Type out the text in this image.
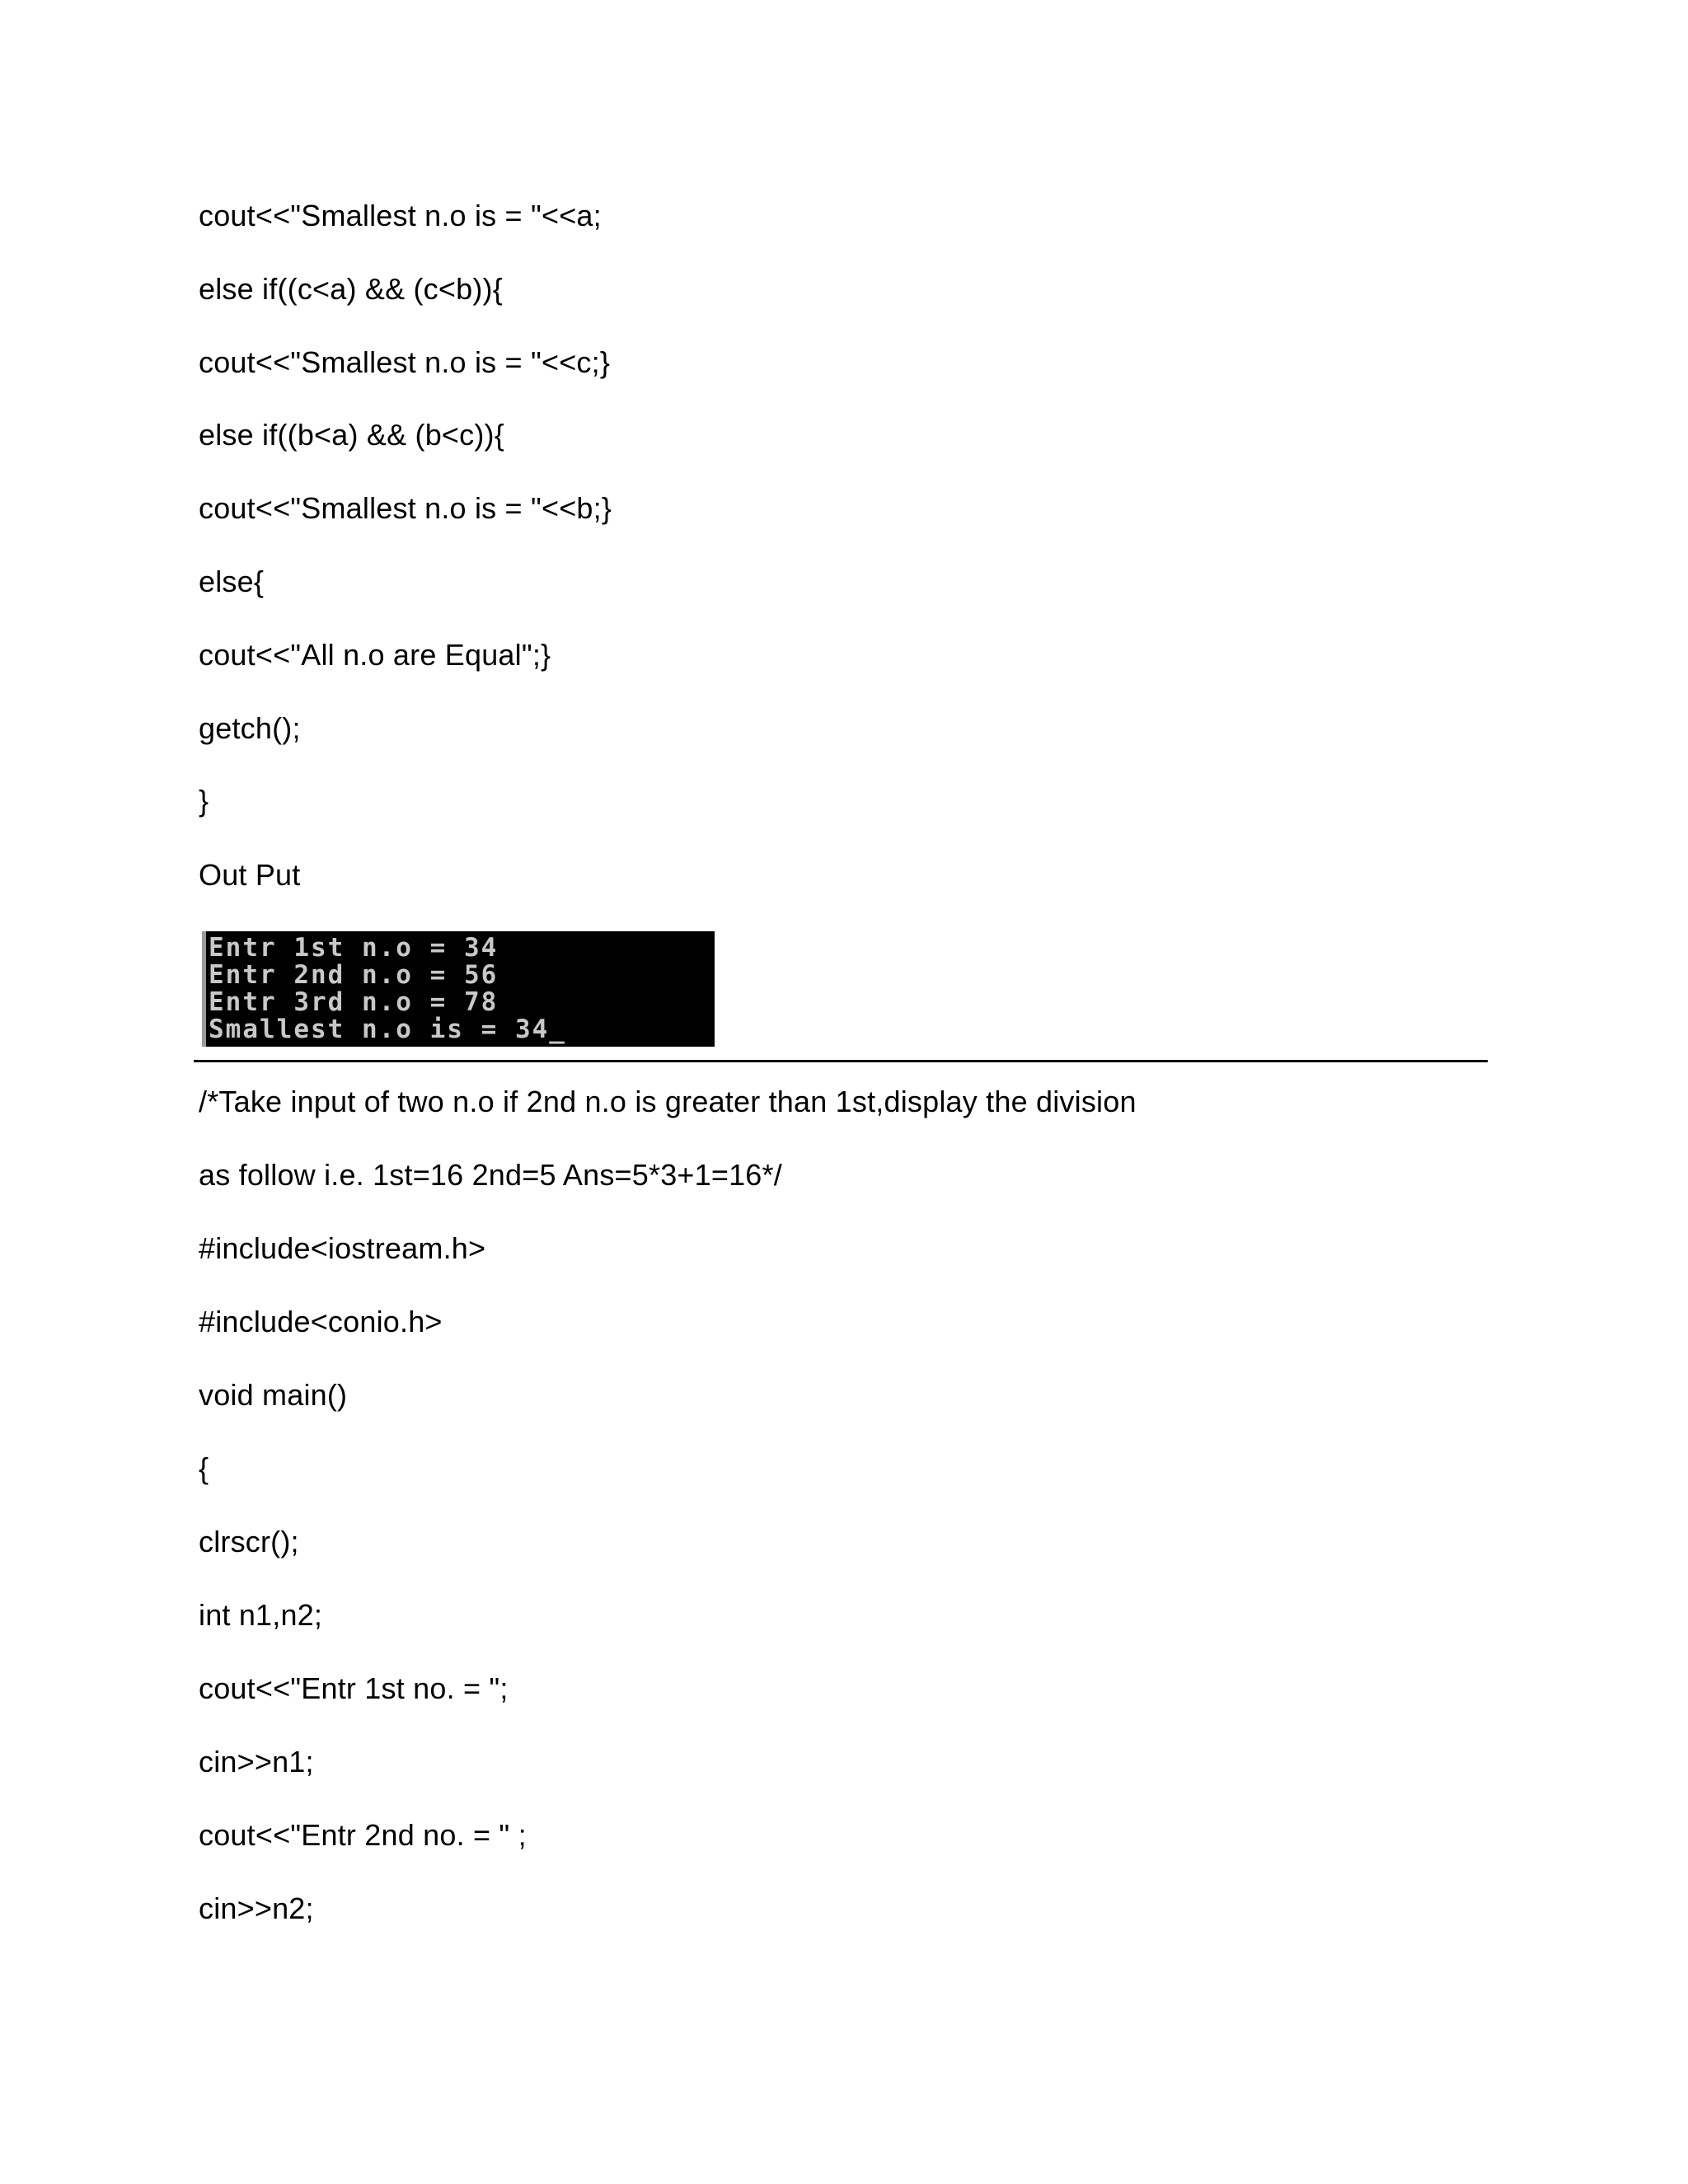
cout<<"Smallest n.o is = "<<a;
else if((c<a) && (c<b)){
cout<<"Smallest n.o is = "<<c;}
else if((b<a) && (b<c)){
cout<<"Smallest n.o is = "<<b;}
else{
cout<<"All n.o are Equal";}
getch();
}
Out Put
Entr 1st n.o = 34
Entr 2nd n.o = 56
Entr 3rd n.o = 78
Smallest n.o is = 34_
/*Take input of two n.o if 2nd n.o is greater than 1st,display the division
as follow i.e. 1st=16 2nd=5 Ans=5*3+1=16*/
#include<iostream.h>
#include<conio.h>
void main()
{
clrscr();
int n1,n2;
cout<<"Entr 1st no. = ";
cin>>n1;
cout<<"Entr 2nd no. = " ;
cin>>n2;
